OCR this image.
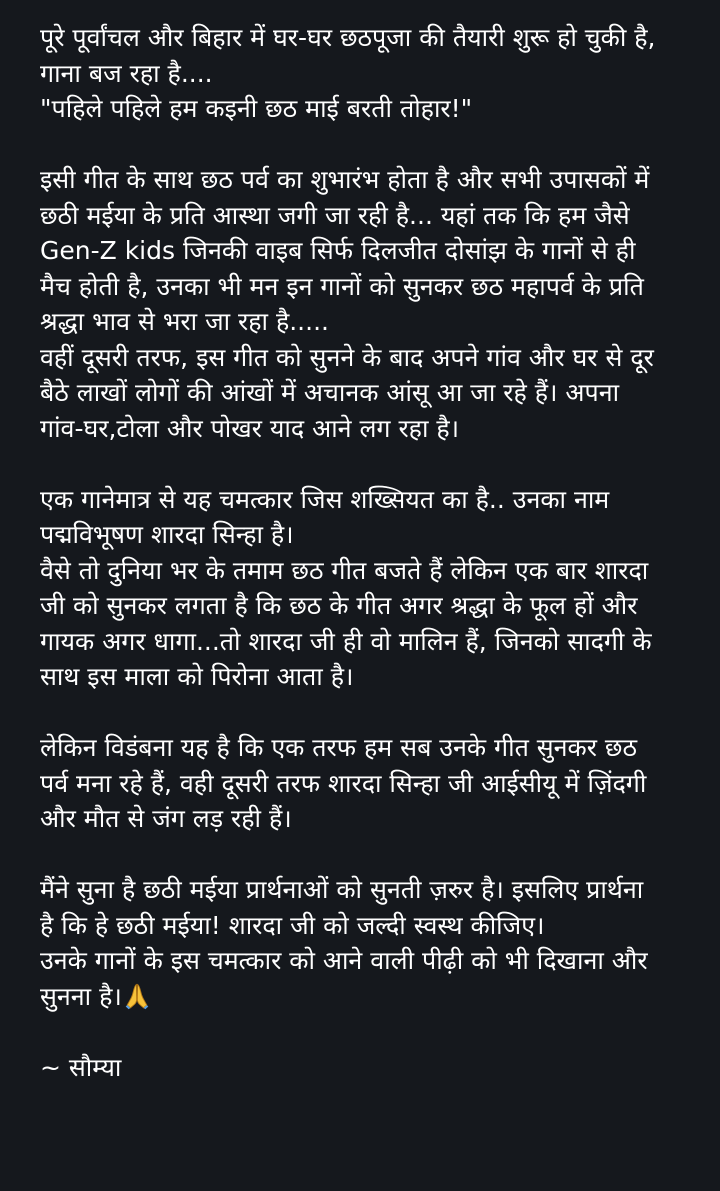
पूरे पूर्वांचल और बिहार में घर-घर छठपूजा की तैयारी शुरू हो चुकी है,
गाना बज रहा है....
"पहिले पहिले हम कइनी छठ माई बरती तोहार!"
इसी गीत के साथ छठ पर्व का शुभारंभ होता है और सभी उपासकों में
छठी मईया के प्रति आस्था जगी जा रही है... यहां तक कि हम जैसे
Gen-Z kids जिनकी वाइब सिर्फ दिलजीत दोसांझ के गानों से ही
मैच होती है, उनका भी मन इन गानों को सुनकर छठ महापर्व के प्रति
श्रद्धा भाव से भरा जा रहा है.....
वहीं दूसरी तरफ, इस गीत को सुनने के बाद अपने गांव और घर से दूर
बैठे लाखों लोगों की आंखों में अचानक आंसू आ जा रहे हैं। अपना
गांव-घर,टोला और पोखर याद आने लग रहा है।
एक गानेमात्र से यह चमत्कार जिस शख्सियत का है.. उनका नाम
पद्मविभूषण शारदा सिन्हा है।
वैसे तो दुनिया भर के तमाम छठ गीत बजते हैं लेकिन एक बार शारदा
जी को सुनकर लगता है कि छठ के गीत अगर श्रद्धा के फूल हों और
गायक अगर धागा...तो शारदा जी ही वो मालिन हैं, जिनको सादगी के
साथ इस माला को पिरोना आता है।
लेकिन विडंबना यह है कि एक तरफ हम सब उनके गीत सुनकर छठ
पर्व मना रहे हैं, वही दूसरी तरफ शारदा सिन्हा जी आईसीयू में ज़िंदगी
और मौत से जंग लड़ रही हैं।
मैंने सुना है छठी मईया प्रार्थनाओं को सुनती ज़रुर है। इसलिए प्रार्थना
है कि हे छठी मईया! शारदा जी को जल्दी स्वस्थ कीजिए।
उनके गानों के इस चमत्कार को आने वाली पीढ़ी को भी दिखाना और
सुनना है।
~ सौम्या
